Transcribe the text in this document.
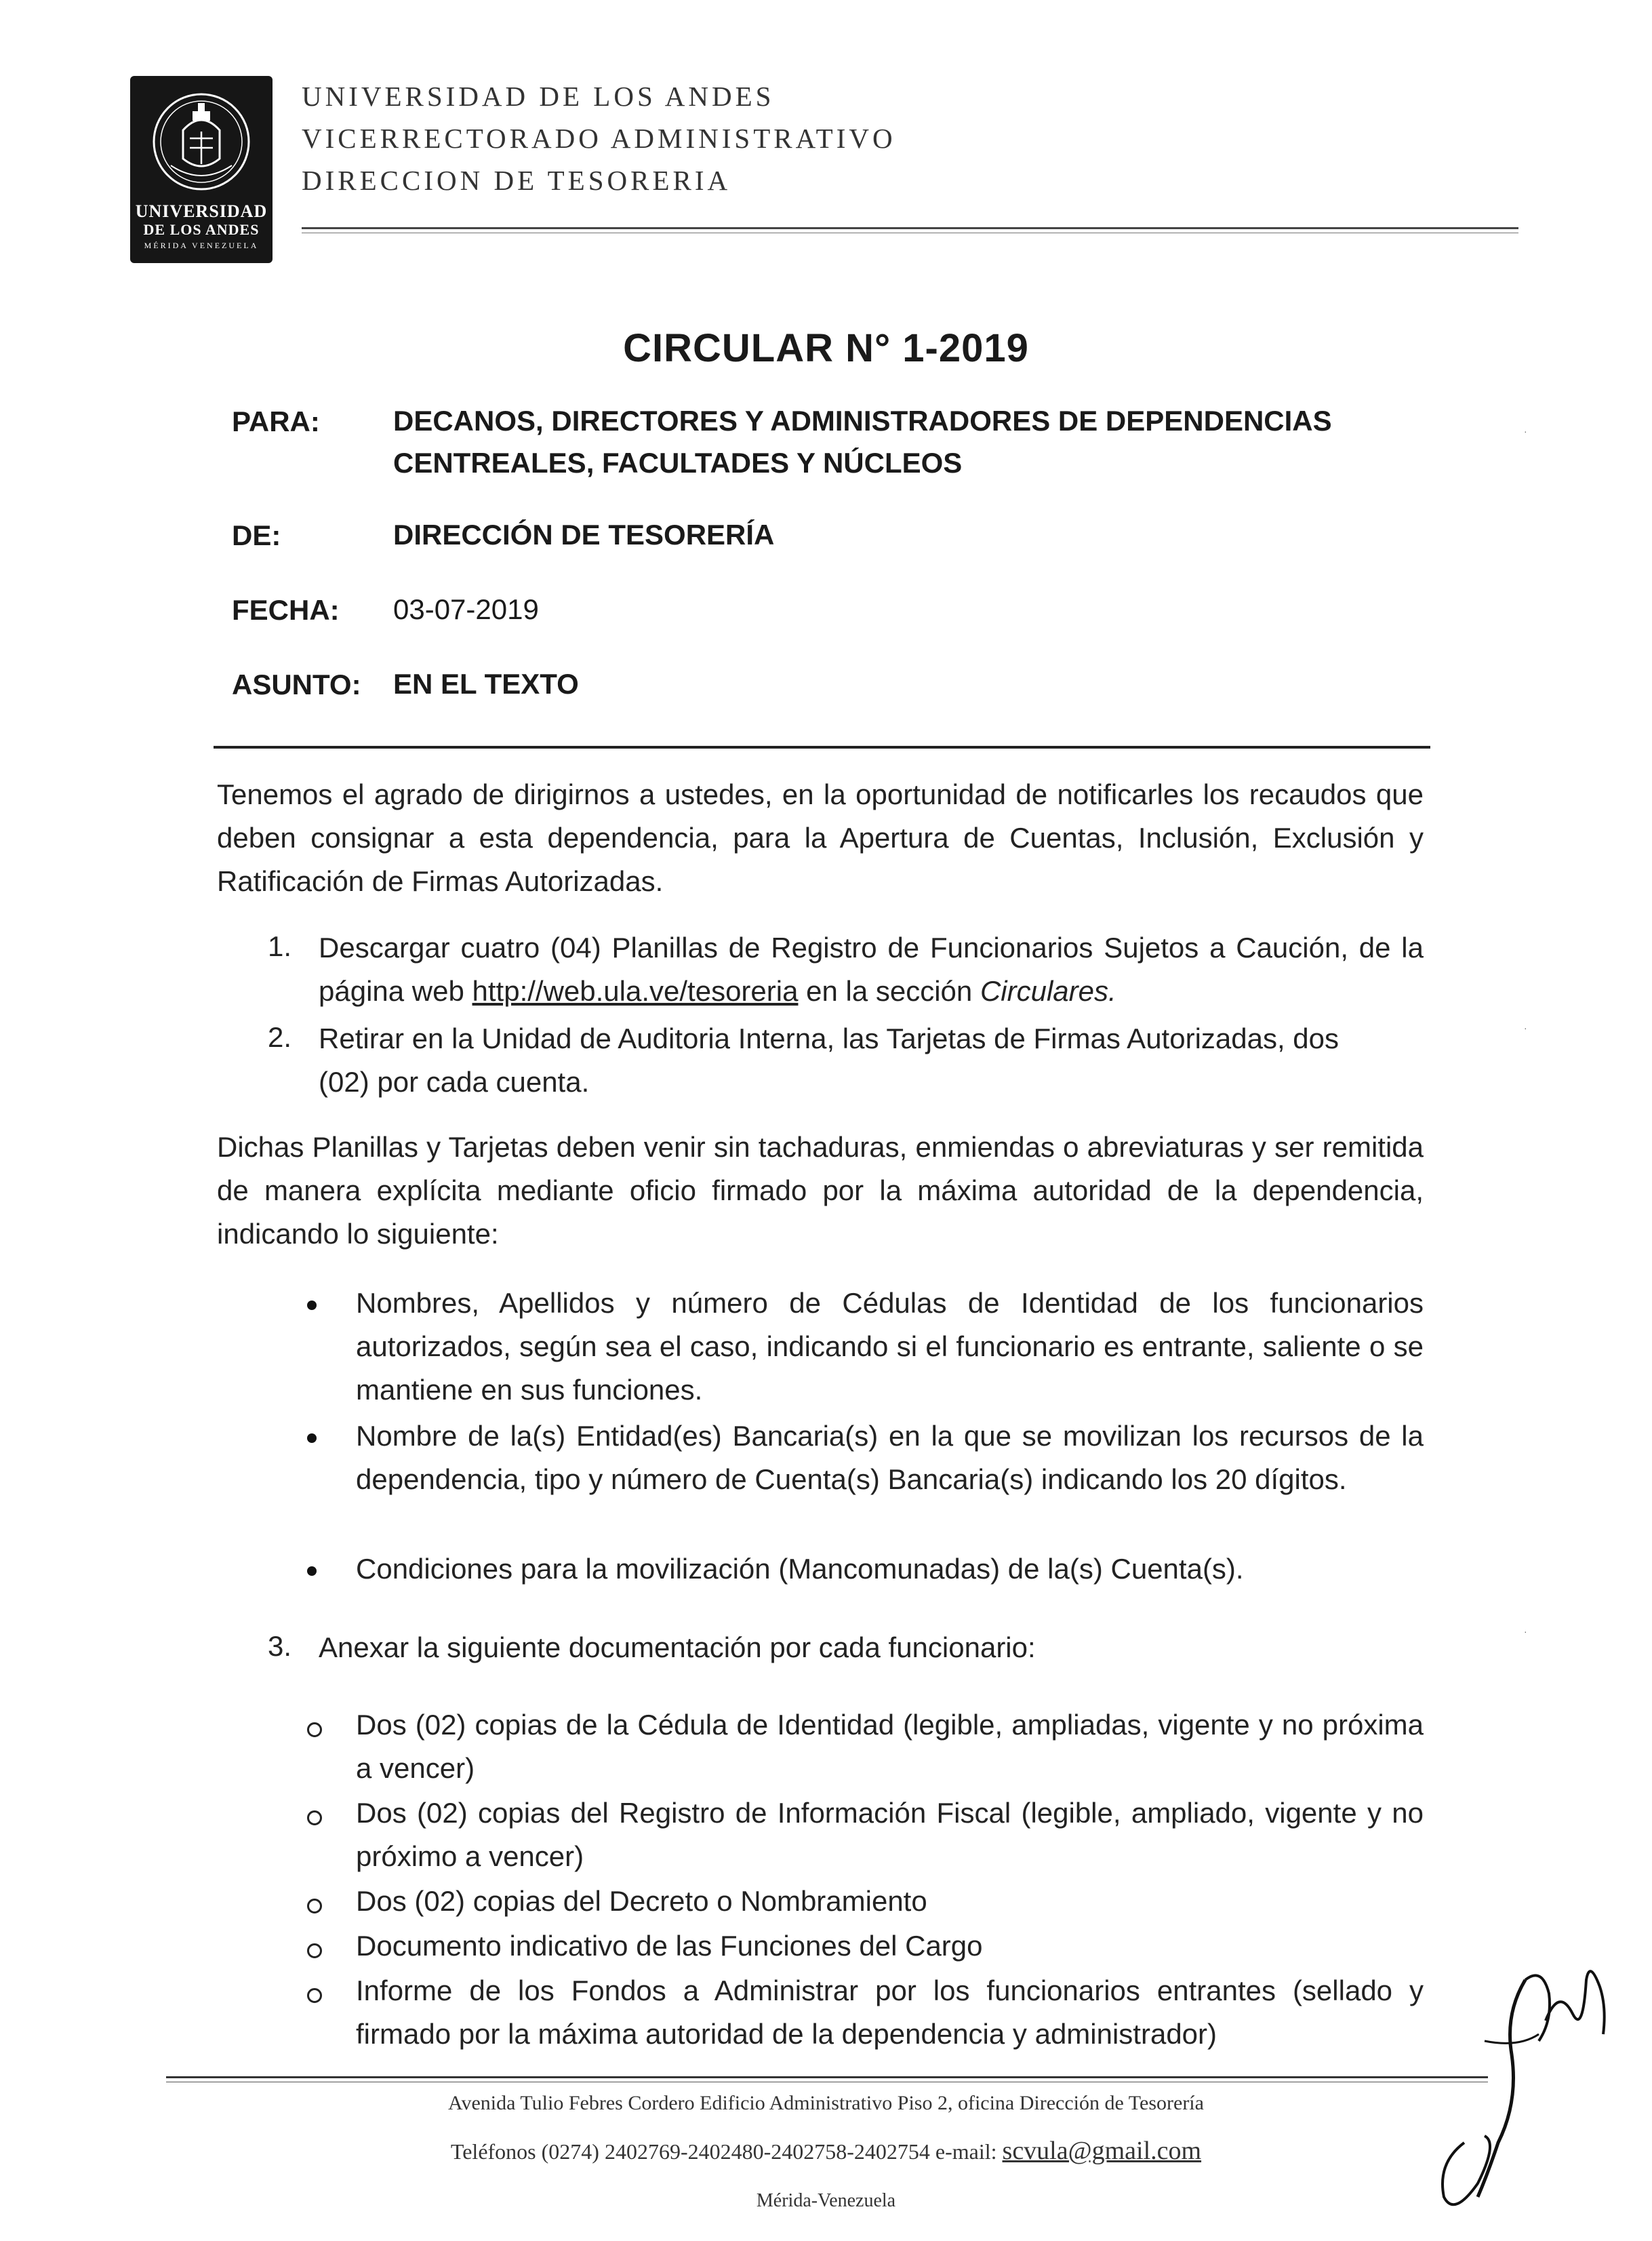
UNIVERSIDAD
DE LOS ANDES
MÉRIDA VENEZUELA
UNIVERSIDAD DE LOS ANDES
VICERRECTORADO ADMINISTRATIVO
DIRECCION DE TESORERIA
CIRCULAR N° 1-2019
PARA:	DECANOS, DIRECTORES Y ADMINISTRADORES DE DEPENDENCIAS
CENTREALES, FACULTADES Y NÚCLEOS
DE:	DIRECCIÓN DE TESORERÍA
FECHA: 03-07-2019
ASUNTO: EN EL TEXTO
Tenemos el agrado de dirigirnos a ustedes, en la oportunidad de notificarles los recaudos que deben consignar a esta dependencia, para la Apertura de Cuentas, Inclusión, Exclusión y Ratificación de Firmas Autorizadas.
1. Descargar cuatro (04) Planillas de Registro de Funcionarios Sujetos a Caución, de la página web http://web.ula.ve/tesoreria en la sección Circulares.
2. Retirar en la Unidad de Auditoria Interna, las Tarjetas de Firmas Autorizadas, dos (02) por cada cuenta.
Dichas Planillas y Tarjetas deben venir sin tachaduras, enmiendas o abreviaturas y ser remitida de manera explícita mediante oficio firmado por la máxima autoridad de la dependencia, indicando lo siguiente:
Nombres, Apellidos y número de Cédulas de Identidad de los funcionarios autorizados, según sea el caso, indicando si el funcionario es entrante, saliente o se mantiene en sus funciones.
Nombre de la(s) Entidad(es) Bancaria(s) en la que se movilizan los recursos de la dependencia, tipo y número de Cuenta(s) Bancaria(s) indicando los 20 dígitos.
Condiciones para la movilización (Mancomunadas) de la(s) Cuenta(s).
3. Anexar la siguiente documentación por cada funcionario:
Dos (02) copias de la Cédula de Identidad (legible, ampliadas, vigente y no próxima a vencer)
Dos (02) copias del Registro de Información Fiscal (legible, ampliado, vigente y no próximo a vencer)
Dos (02) copias del Decreto o Nombramiento
Documento indicativo de las Funciones del Cargo
Informe de los Fondos a Administrar por los funcionarios entrantes (sellado y firmado por la máxima autoridad de la dependencia y administrador)
Avenida Tulio Febres Cordero Edificio Administrativo Piso 2, oficina Dirección de Tesorería
Teléfonos (0274) 2402769-2402480-2402758-2402754 e-mail: scvula@gmail.com
Mérida-Venezuela
·
·
·
